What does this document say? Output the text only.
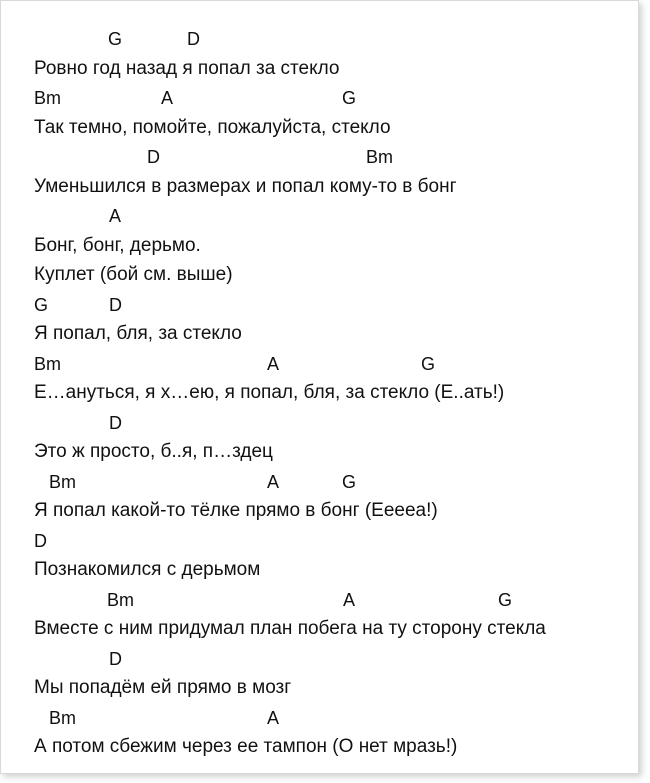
G	D
Ровно год назад я попал за стекло
Bm	A	G
Так темно, помойте, пожалуйста, стекло
D	Bm
Уменьшился в размерах и попал кому-то в бонг
A
Бонг, бонг, дерьмо.
Куплет (бой см. выше)
G	D
Я попал, бля, за стекло
Bm	A	G
Е…ануться, я х…ею, я попал, бля, за стекло (Е..ать!)
D
Это ж просто, б..я, п…здец
Bm	A	G
Я попал какой-то тёлке прямо в бонг (Ееееа!)
D
Познакомился с дерьмом
Bm	A	G
Вместе с ним придумал план побега на ту сторону стекла
D
Мы попадём ей прямо в мозг
Bm	A
А потом сбежим через ее тампон (О нет мразь!)
